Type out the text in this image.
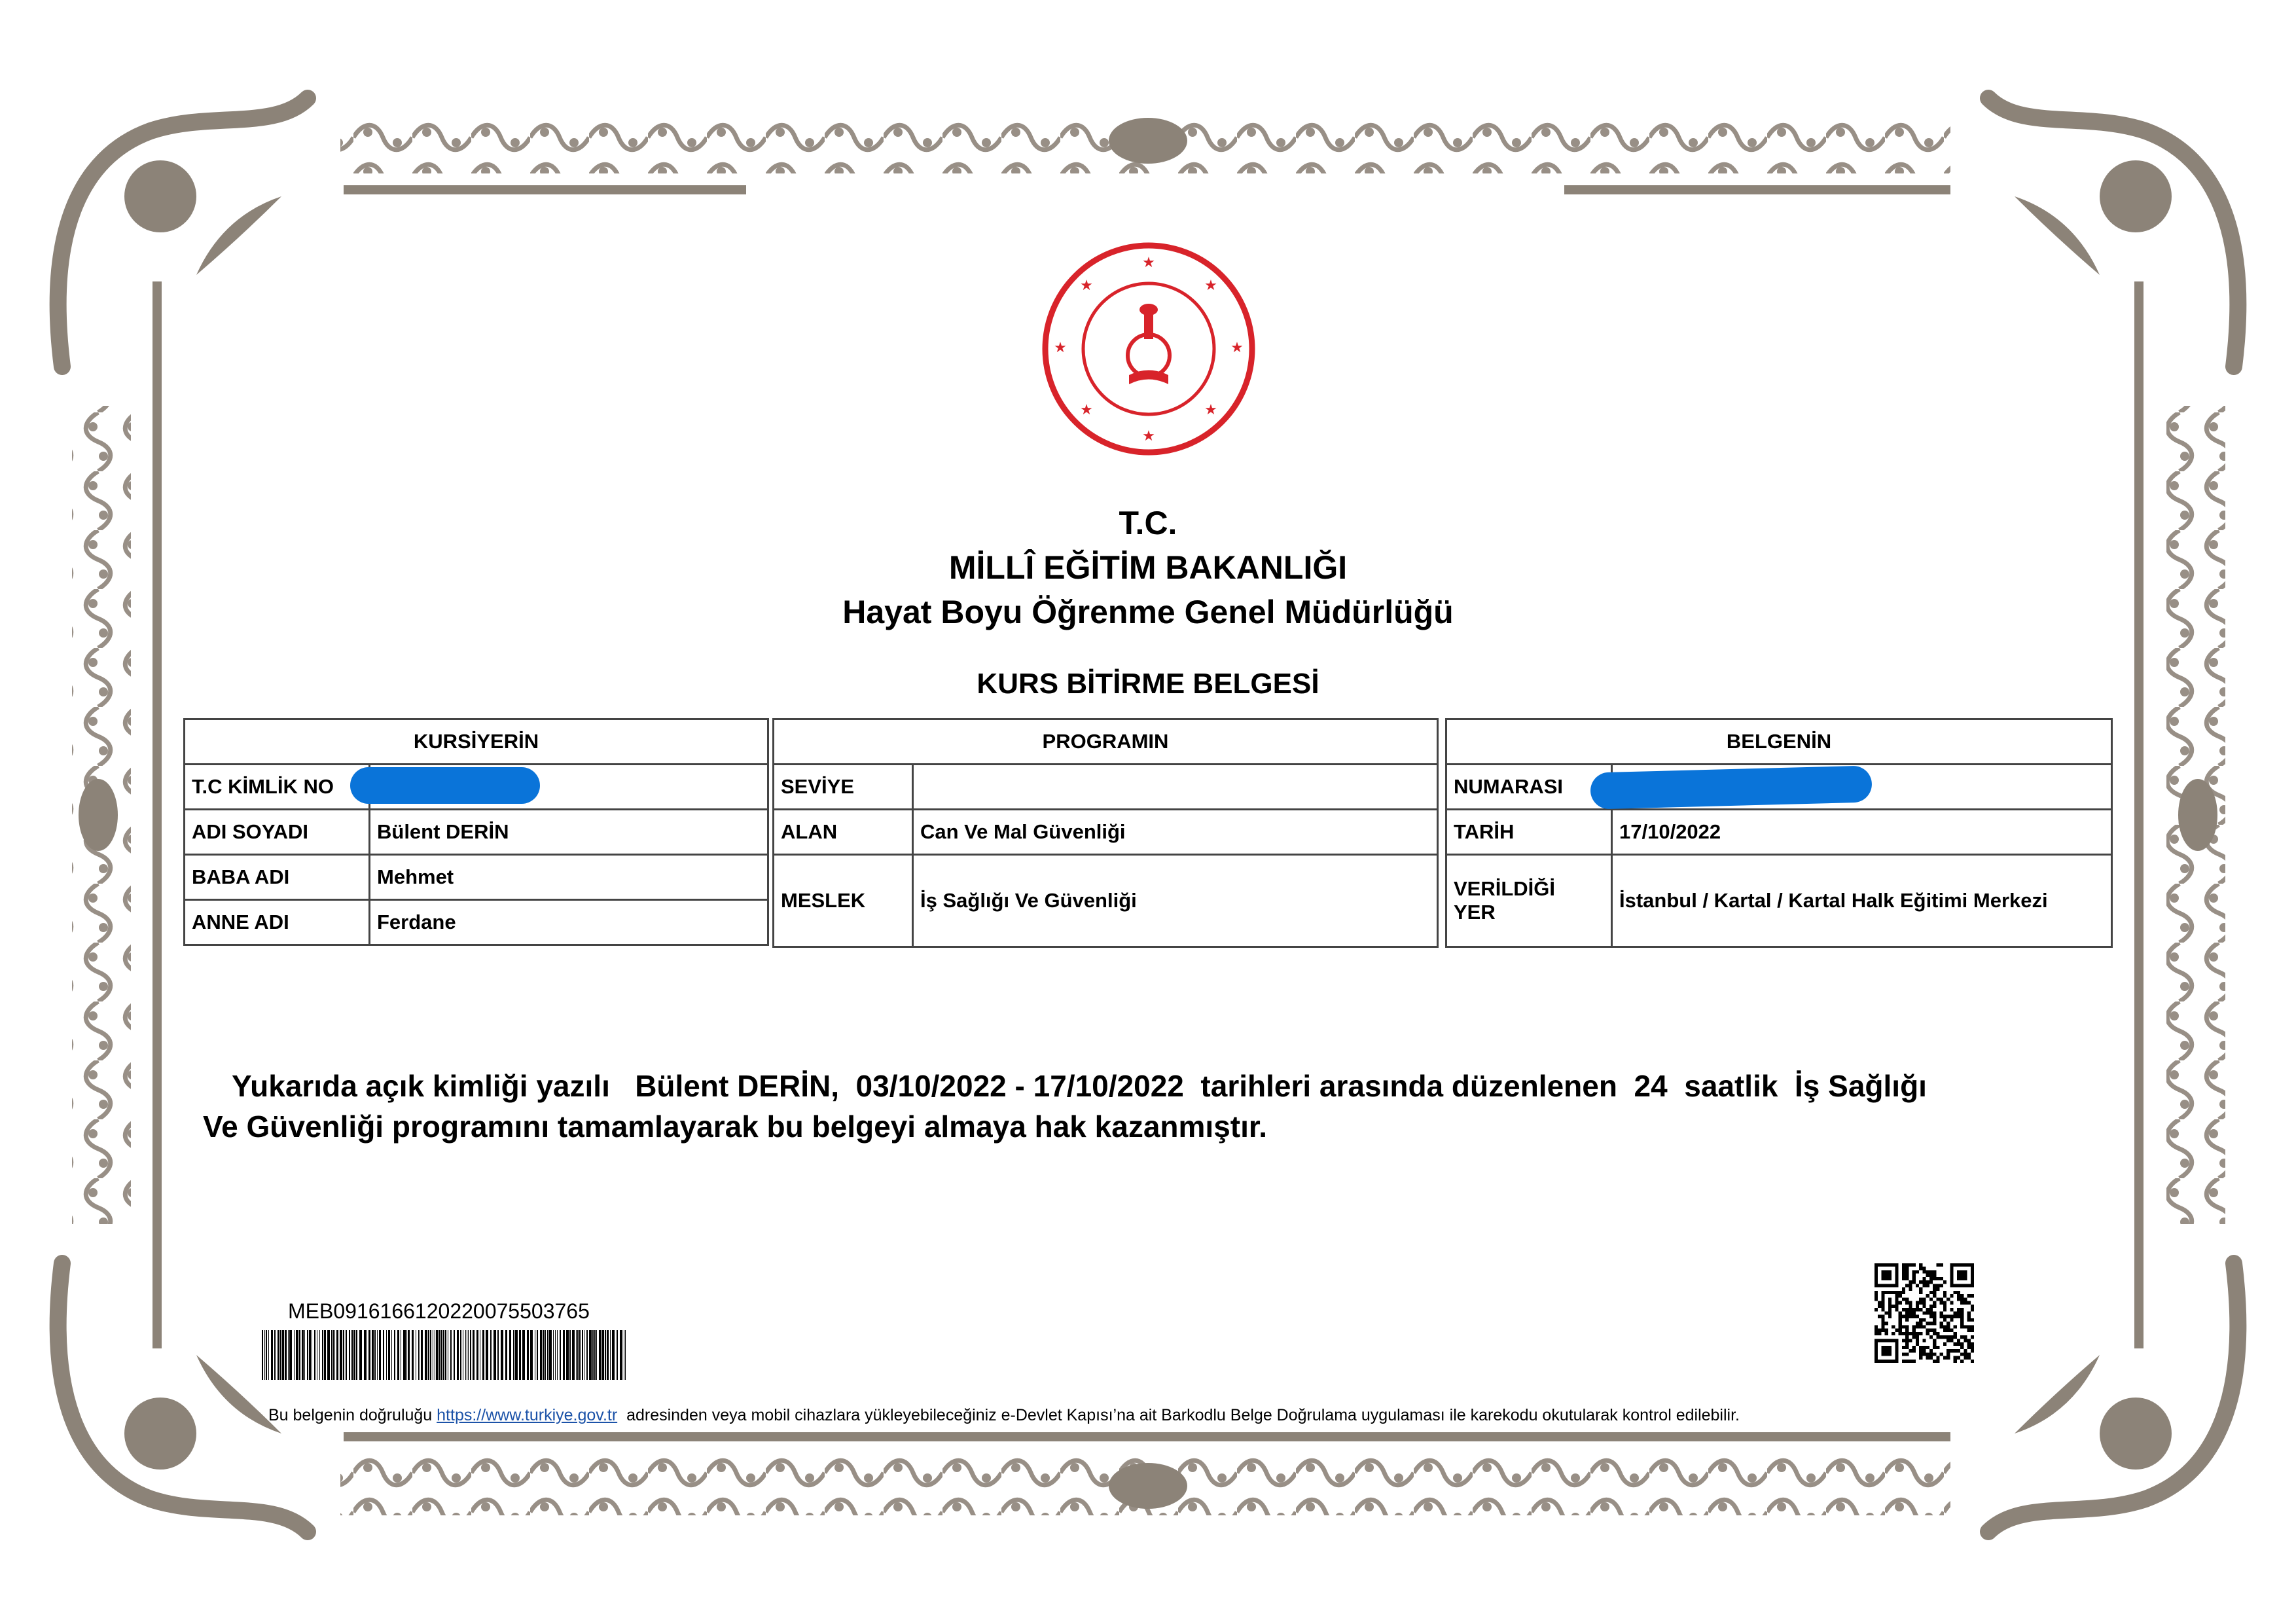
★
★
★
★
★
★
★
★
T.C.
MİLLÎ EĞİTİM BAKANLIĞI
Hayat Boyu Öğrenme Genel Müdürlüğü
KURS BİTİRME BELGESİ
KURSİYERİN	
T.C KİMLİK NO	
ADI SOYADI	Bülent DERİN
BABA ADI	Mehmet
ANNE ADI	Ferdane
PROGRAMIN	
SEVİYE	
ALAN	Can Ve Mal Güvenliği
MESLEK	İş Sağlığı Ve Güvenliği
BELGENİN	
NUMARASI	
TARİH	17/10/2022
VERİLDİĞİ
YER	İstanbul / Kartal / Kartal Halk Eğitimi Merkezi
Yukarıda açık kimliği yazılı   Bülent DERİN,  03/10/2022 - 17/10/2022  tarihleri arasında düzenlenen  24  saatlik  İş Sağlığı
Ve Güvenliği programını tamamlayarak bu belgeyi almaya hak kazanmıştır.
MEB0916166120220075503765
Bu belgenin doğruluğu https://www.turkiye.gov.tr  adresinden veya mobil cihazlara yükleyebileceğiniz e-Devlet Kapısı’na ait Barkodlu Belge Doğrulama uygulaması ile karekodu okutularak kontrol edilebilir.
